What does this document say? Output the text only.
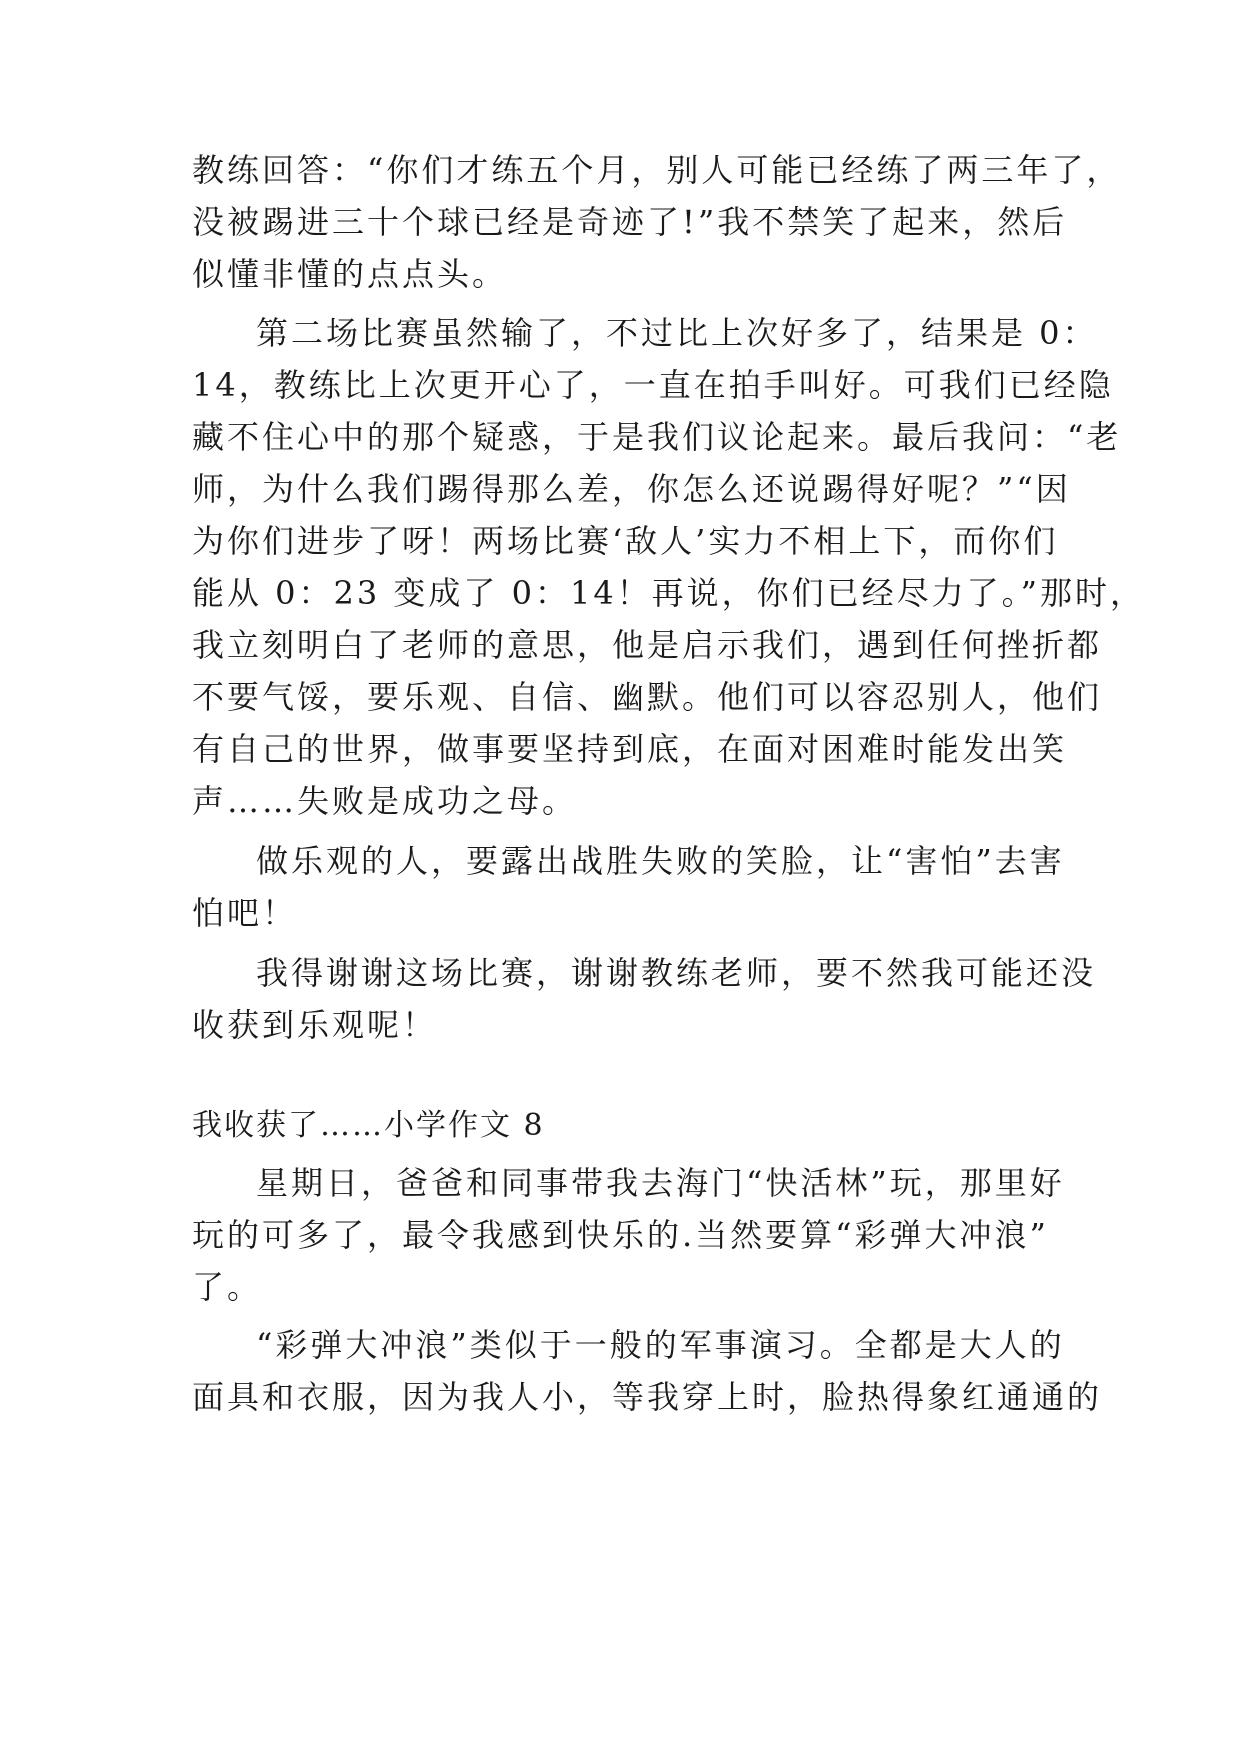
教练回答：“你们才练五个月，别人可能已经练了两三年了，
没被踢进三十个球已经是奇迹了!”我不禁笑了起来，然后
似懂非懂的点点头。
第二场比赛虽然输了，不过比上次好多了，结果是 0：
14，教练比上次更开心了，一直在拍手叫好。可我们已经隐
藏不住心中的那个疑惑，于是我们议论起来。最后我问：“老
师，为什么我们踢得那么差，你怎么还说踢得好呢？”“因
为你们进步了呀！两场比赛‘敌人’实力不相上下，而你们
能从 0：23 变成了 0：14！再说，你们已经尽力了。”那时，
我立刻明白了老师的意思，他是启示我们，遇到任何挫折都
不要气馁，要乐观、自信、幽默。他们可以容忍别人，他们
有自己的世界，做事要坚持到底，在面对困难时能发出笑
声……失败是成功之母。
做乐观的人，要露出战胜失败的笑脸，让“害怕”去害
怕吧！
我得谢谢这场比赛，谢谢教练老师，要不然我可能还没
收获到乐观呢！
我收获了……小学作文 8
星期日，爸爸和同事带我去海门“快活林”玩，那里好
玩的可多了，最令我感到快乐的.当然要算“彩弹大冲浪”
了。
“彩弹大冲浪”类似于一般的军事演习。全都是大人的
面具和衣服，因为我人小，等我穿上时，脸热得象红通通的
